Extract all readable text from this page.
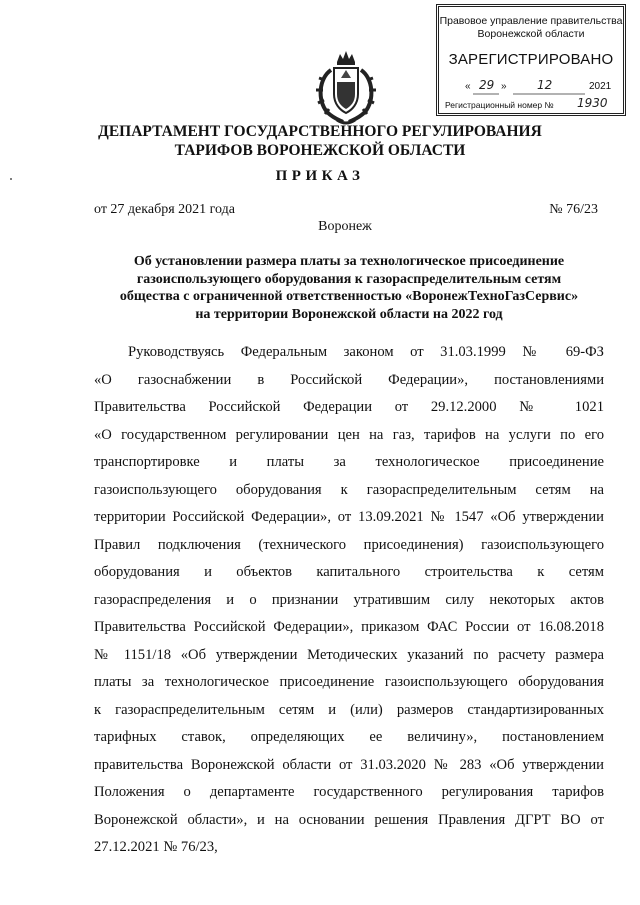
Правовое управление правительства
Воронежской области
ЗАРЕГИСТРИРОВАНО
« 29 »	12	2021
Регистрационный номер № 1930
ДЕПАРТАМЕНТ ГОСУДАРСТВЕННОГО РЕГУЛИРОВАНИЯ
ТАРИФОВ ВОРОНЕЖСКОЙ ОБЛАСТИ
ПРИКАЗ
от 27 декабря 2021 года	№ 76/23
Воронеж
Об установлении размера платы за технологическое присоединение
газоиспользующего оборудования к газораспределительным сетям
общества с ограниченной ответственностью «ВоронежТехноГазСервис»
на территории Воронежской области на 2022 год
Руководствуясь Федеральным законом от 31.03.1999 № 69-ФЗ
«О газоснабжении в Российской Федерации», постановлениями
Правительства Российской Федерации от 29.12.2000 № 1021
«О государственном регулировании цен на газ, тарифов на услуги по его
транспортировке и платы за технологическое присоединение
газоиспользующего оборудования к газораспределительным сетям на
территории Российской Федерации», от 13.09.2021 № 1547 «Об утверждении
Правил подключения (технического присоединения) газоиспользующего
оборудования и объектов капитального строительства к сетям
газораспределения и о признании утратившим силу некоторых актов
Правительства Российской Федерации», приказом ФАС России от 16.08.2018
№ 1151/18 «Об утверждении Методических указаний по расчету размера
платы за технологическое присоединение газоиспользующего оборудования
к газораспределительным сетям и (или) размеров стандартизированных
тарифных ставок, определяющих ее величину», постановлением
правительства Воронежской области от 31.03.2020 № 283 «Об утверждении
Положения о департаменте государственного регулирования тарифов
Воронежской области», и на основании решения Правления ДГРТ ВО от
27.12.2021 № 76/23,
